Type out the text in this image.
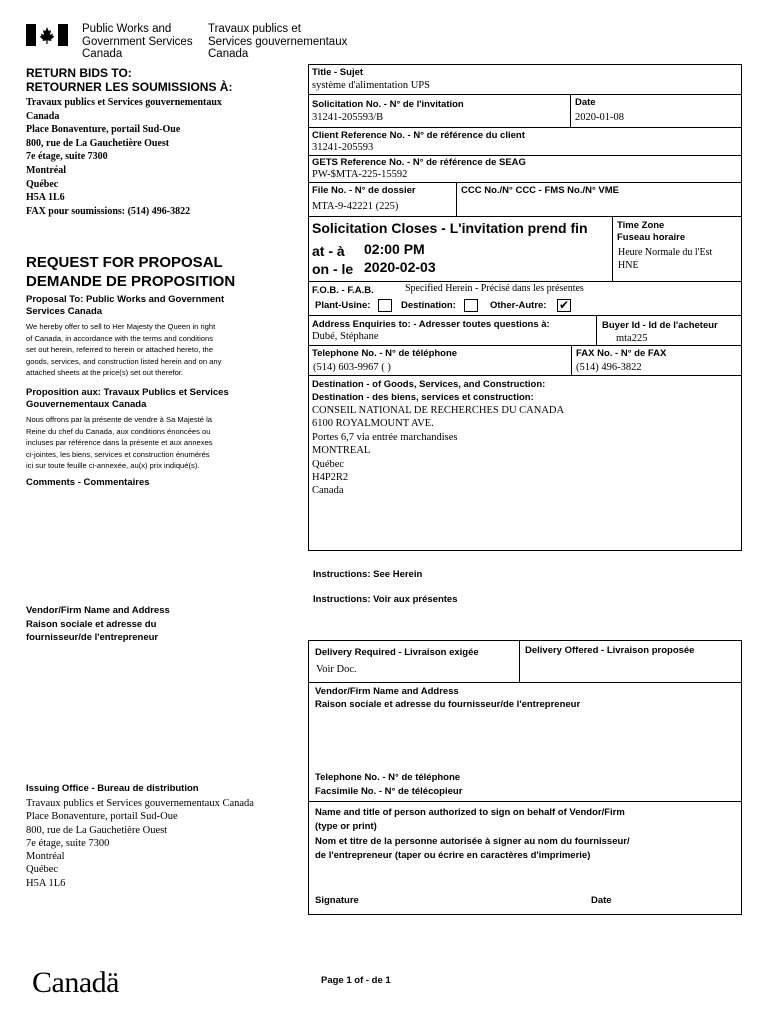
Public Works and
Government Services
Canada
Travaux publics et
Services gouvernementaux
Canada
RETURN BIDS TO:
RETOURNER LES SOUMISSIONS À:
Travaux publics et Services gouvernementaux
Canada
Place Bonaventure, portail Sud-Oue
800, rue de La Gauchetière Ouest
7e étage, suite 7300
Montréal
Québec
H5A 1L6
FAX pour soumissions: (514) 496-3822
REQUEST FOR PROPOSAL
DEMANDE DE PROPOSITION
Proposal To: Public Works and Government
Services Canada
We hereby offer to sell to Her Majesty the Queen in right
of Canada, in accordance with the terms and conditions
set out herein, referred to herein or attached hereto, the
goods, services, and construction listed herein and on any
attached sheets at the price(s) set out therefor.
Proposition aux: Travaux Publics et Services
Gouvernementaux Canada
Nous offrons par la présente de vendre à Sa Majesté la
Reine du chef du Canada, aux conditions énoncées ou
incluses par référence dans la présente et aux annexes
ci-jointes, les biens, services et construction énumérés
ici sur toute feuille ci-annexée, au(x) prix indiqué(s).
Comments - Commentaires
Vendor/Firm Name and Address
Raison sociale et adresse du
fournisseur/de l'entrepreneur
Issuing Office - Bureau de distribution
Travaux publics et Services gouvernementaux Canada
Place Bonaventure, portail Sud-Oue
800, rue de La Gauchetière Ouest
7e étage, suite 7300
Montréal
Québec
H5A 1L6
Title - Sujet
système d'alimentation UPS
Solicitation No. - N° de l'invitation
31241-205593/B
Date
2020-01-08
Client Reference No. - N° de référence du client
31241-205593
GETS Reference No. - N° de référence de SEAG
PW-$MTA-225-15592
File No. - N° de dossier
MTA-9-42221 (225)
CCC No./N° CCC - FMS No./N° VME
Solicitation Closes - L'invitation prend fin
at - à 02:00 PM
on - le 2020-02-03
Time Zone
Fuseau horaire
Heure Normale du l'Est
HNE
F.O.B. - F.A.B.	Specified Herein - Précisé dans les présentes
Plant-Usine:	Destination:	Other-Autre: ✔
Address Enquiries to: - Adresser toutes questions à:
Dubé, Stéphane
Buyer Id - Id de l'acheteur
mta225
Telephone No. - N° de téléphone
(514) 603-9967 ( )
FAX No. - N° de FAX
(514) 496-3822
Destination - of Goods, Services, and Construction:
Destination - des biens, services et construction:
CONSEIL NATIONAL DE RECHERCHES DU CANADA
6100 ROYALMOUNT AVE.
Portes 6,7 via entrée marchandises
MONTREAL
Québec
H4P2R2
Canada
Instructions: See Herein
Instructions: Voir aux présentes
Delivery Required - Livraison exigée
Voir Doc.
Delivery Offered - Livraison proposée
Vendor/Firm Name and Address
Raison sociale et adresse du fournisseur/de l'entrepreneur
Telephone No. - N° de téléphone
Facsimile No. - N° de télécopieur
Name and title of person authorized to sign on behalf of Vendor/Firm
(type or print)
Nom et titre de la personne autorisée à signer au nom du fournisseur/
de l'entrepreneur (taper ou écrire en caractères d'imprimerie)
Signature	Date
Canadä	Page 1 of - de 1
